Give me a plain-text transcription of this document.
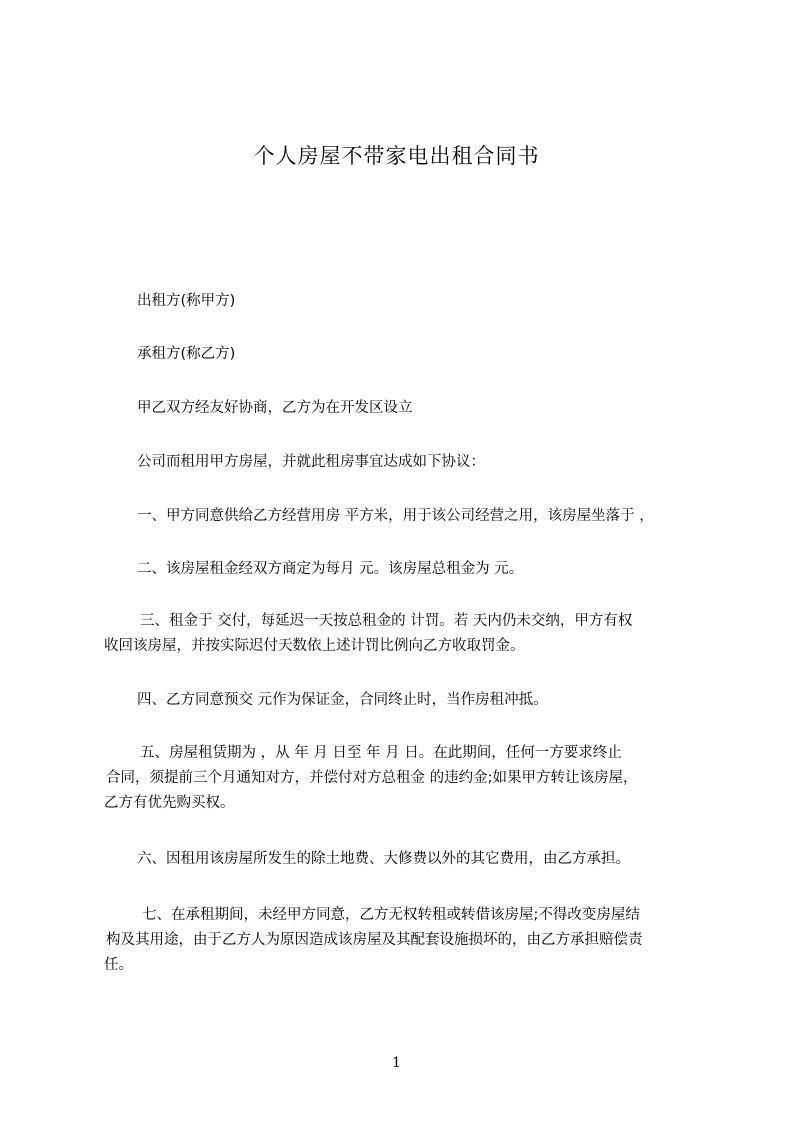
个人房屋不带家电出租合同书

出租方(称甲方)

承租方(称乙方)

甲乙双方经友好协商，乙方为在开发区设立

公司而租用甲方房屋，并就此租房事宜达成如下协议：

一、甲方同意供给乙方经营用房 平方米，用于该公司经营之用，该房屋坐落于 ，

二、该房屋租金经双方商定为每月 元。该房屋总租金为 元。

三、租金于 交付，每延迟一天按总租金的 计罚。若 天内仍未交纳，甲方有权
收回该房屋，并按实际迟付天数依上述计罚比例向乙方收取罚金。

四、乙方同意预交 元作为保证金，合同终止时，当作房租冲抵。

五、房屋租赁期为 ，从 年 月 日至 年 月 日。在此期间，任何一方要求终止
合同，须提前三个月通知对方，并偿付对方总租金 的违约金;如果甲方转让该房屋，
乙方有优先购买权。

六、因租用该房屋所发生的除土地费、大修费以外的其它费用，由乙方承担。

七、在承租期间，未经甲方同意，乙方无权转租或转借该房屋;不得改变房屋结
构及其用途，由于乙方人为原因造成该房屋及其配套设施损坏的，由乙方承担赔偿责
任。

1
